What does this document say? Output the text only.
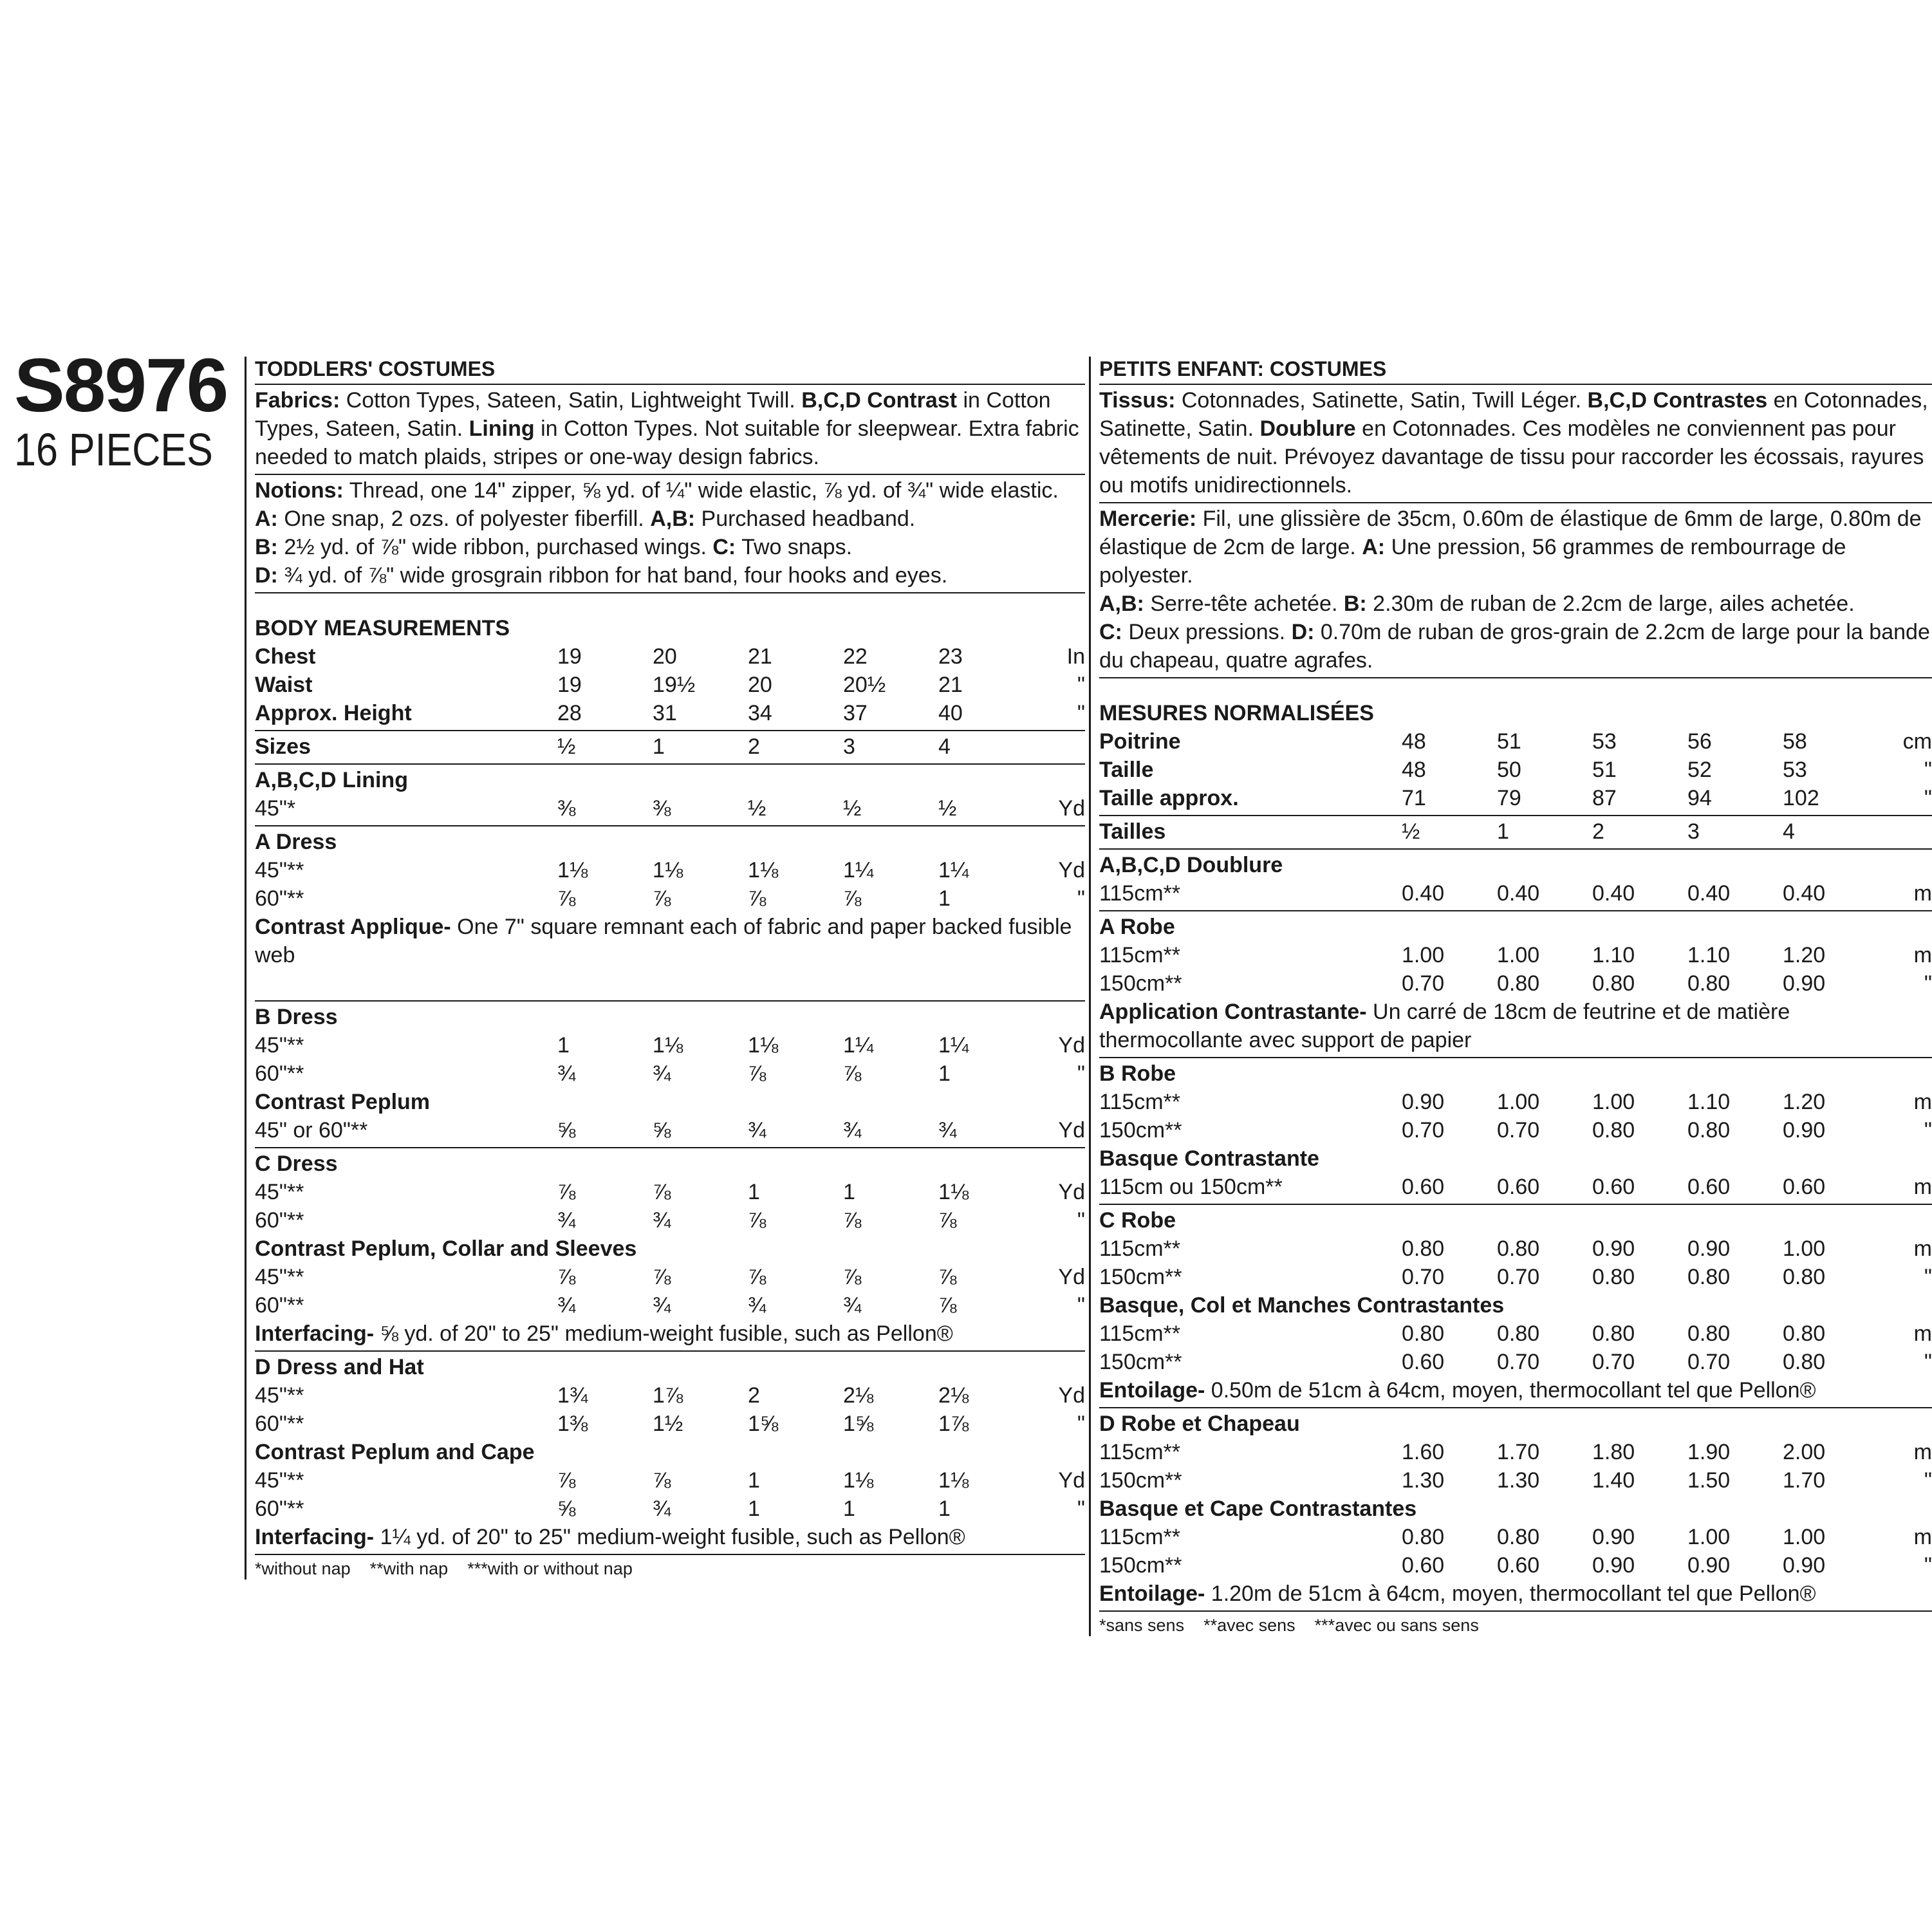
S8976
16 PIECES
TODDLERS' COSTUMES
Fabrics: Cotton Types, Sateen, Satin, Lightweight Twill. B,C,D Contrast in Cotton Types, Sateen, Satin. Lining in Cotton Types. Not suitable for sleepwear. Extra fabric needed to match plaids, stripes or one-way design fabrics.
Notions: Thread, one 14" zipper, ⅝ yd. of ¼" wide elastic, ⅞ yd. of ¾" wide elastic.
A: One snap, 2 ozs. of polyester fiberfill. A,B: Purchased headband.
B: 2½ yd. of ⅞" wide ribbon, purchased wings. C: Two snaps.
D: ¾ yd. of ⅞" wide grosgrain ribbon for hat band, four hooks and eyes.
BODY MEASUREMENTS
Chest	19	20	21	22	23	In
Waist	19	19½	20	20½	21	"
Approx. Height	28	31	34	37	40	"
Sizes	½	1	2	3	4
A,B,C,D Lining
45"*	⅜	⅜	½	½	½	Yd
A Dress
45"**	1⅛	1⅛	1⅛	1¼	1¼	Yd
60"**	⅞	⅞	⅞	⅞	1	"
Contrast Applique- One 7" square remnant each of fabric and paper backed fusible web

B Dress
45"**	1	1⅛	1⅛	1¼	1¼	Yd
60"**	¾	¾	⅞	⅞	1	"
Contrast Peplum
45" or 60"**	⅝	⅝	¾	¾	¾	Yd
C Dress
45"**	⅞	⅞	1	1	1⅛	Yd
60"**	¾	¾	⅞	⅞	⅞	"
Contrast Peplum, Collar and Sleeves
45"**	⅞	⅞	⅞	⅞	⅞	Yd
60"**	¾	¾	¾	¾	⅞	"
Interfacing- ⅝ yd. of 20" to 25" medium-weight fusible, such as Pellon®
D Dress and Hat
45"**	1¾	1⅞	2	2⅛	2⅛	Yd
60"**	1⅜	1½	1⅝	1⅝	1⅞	"
Contrast Peplum and Cape
45"**	⅞	⅞	1	1⅛	1⅛	Yd
60"**	⅝	¾	1	1	1	"
Interfacing- 1¼ yd. of 20" to 25" medium-weight fusible, such as Pellon®
*without nap **with nap ***with or without nap
PETITS ENFANT: COSTUMES
Tissus: Cotonnades, Satinette, Satin, Twill Léger. B,C,D Contrastes en Cotonnades, Satinette, Satin. Doublure en Cotonnades. Ces modèles ne conviennent pas pour vêtements de nuit. Prévoyez davantage de tissu pour raccorder les écossais, rayures ou motifs unidirectionnels.
Mercerie: Fil, une glissière de 35cm, 0.60m de élastique de 6mm de large, 0.80m de élastique de 2cm de large. A: Une pression, 56 grammes de rembourrage de polyester.
A,B: Serre-tête achetée. B: 2.30m de ruban de 2.2cm de large, ailes achetée.
C: Deux pressions. D: 0.70m de ruban de gros-grain de 2.2cm de large pour la bande du chapeau, quatre agrafes.
MESURES NORMALISÉES
Poitrine	48	51	53	56	58	cm
Taille	48	50	51	52	53	"
Taille approx.	71	79	87	94	102	"
Tailles	½	1	2	3	4
A,B,C,D Doublure
115cm**	0.40	0.40	0.40	0.40	0.40	m
A Robe
115cm**	1.00	1.00	1.10	1.10	1.20	m
150cm**	0.70	0.80	0.80	0.80	0.90	"
Application Contrastante- Un carré de 18cm de feutrine et de matière thermocollante avec support de papier
B Robe
115cm**	0.90	1.00	1.00	1.10	1.20	m
150cm**	0.70	0.70	0.80	0.80	0.90	"
Basque Contrastante
115cm ou 150cm**	0.60	0.60	0.60	0.60	0.60	m
C Robe
115cm**	0.80	0.80	0.90	0.90	1.00	m
150cm**	0.70	0.70	0.80	0.80	0.80	"
Basque, Col et Manches Contrastantes
115cm**	0.80	0.80	0.80	0.80	0.80	m
150cm**	0.60	0.70	0.70	0.70	0.80	"
Entoilage- 0.50m de 51cm à 64cm, moyen, thermocollant tel que Pellon®
D Robe et Chapeau
115cm**	1.60	1.70	1.80	1.90	2.00	m
150cm**	1.30	1.30	1.40	1.50	1.70	"
Basque et Cape Contrastantes
115cm**	0.80	0.80	0.90	1.00	1.00	m
150cm**	0.60	0.60	0.90	0.90	0.90	"
Entoilage- 1.20m de 51cm à 64cm, moyen, thermocollant tel que Pellon®
*sans sens **avec sens ***avec ou sans sens
